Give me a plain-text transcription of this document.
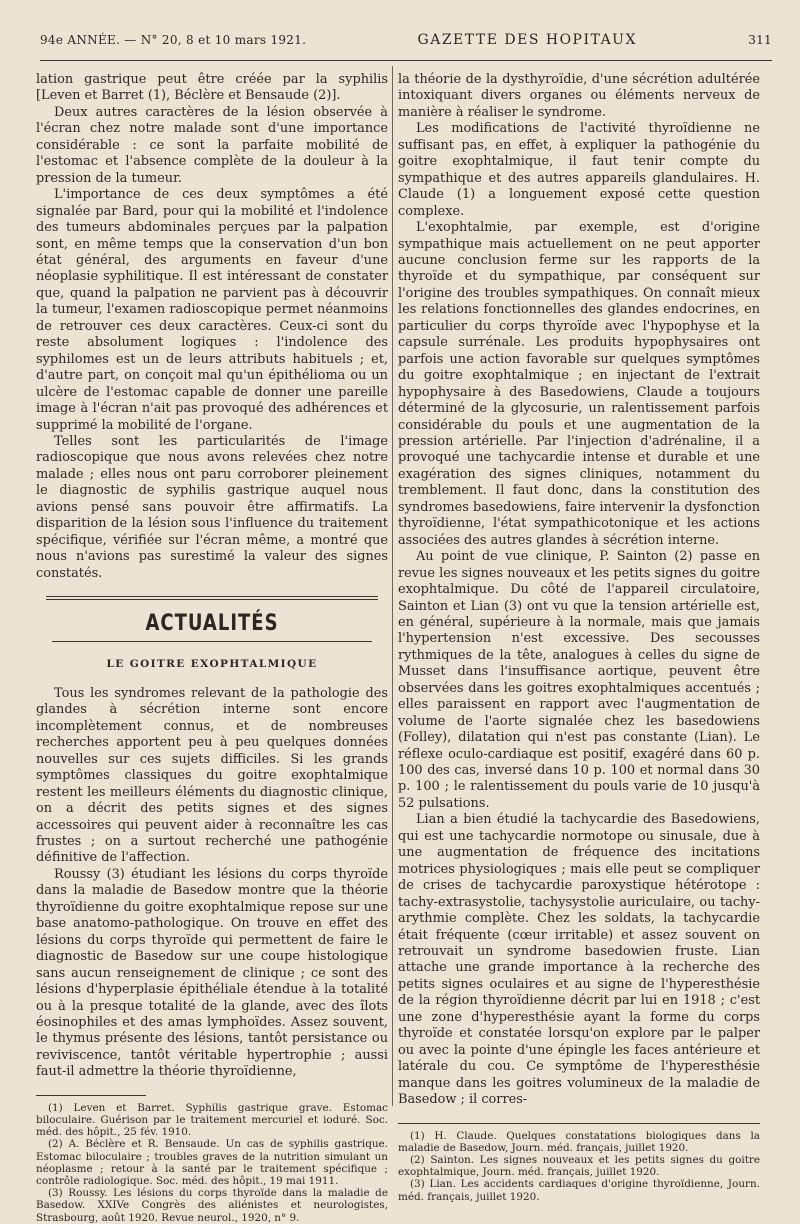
94e ANNÉE. — N° 20, 8 et 10 mars 1921.	GAZETTE DES HOPITAUX	311

lation gastrique peut être créée par la syphilis [Leven et Barret (1), Béclère et Bensaude (2)].

Deux autres caractères de la lésion observée à l'écran chez notre malade sont d'une importance considérable : ce sont la parfaite mobilité de l'estomac et l'absence complète de la douleur à la pression de la tumeur.

L'importance de ces deux symptômes a été signalée par Bard, pour qui la mobilité et l'indolence des tumeurs abdominales perçues par la palpation sont, en même temps que la conservation d'un bon état général, des arguments en faveur d'une néoplasie syphilitique. Il est intéressant de constater que, quand la palpation ne parvient pas à découvrir la tumeur, l'examen radioscopique permet néanmoins de retrouver ces deux caractères. Ceux-ci sont du reste absolument logiques : l'indolence des syphilomes est un de leurs attributs habituels ; et, d'autre part, on conçoit mal qu'un épithélioma ou un ulcère de l'estomac capable de donner une pareille image à l'écran n'ait pas provoqué des adhérences et supprimé la mobilité de l'organe.

Telles sont les particularités de l'image radioscopique que nous avons relevées chez notre malade ; elles nous ont paru corroborer pleinement le diagnostic de syphilis gastrique auquel nous avions pensé sans pouvoir être affirmatifs. La disparition de la lésion sous l'influence du traitement spécifique, vérifiée sur l'écran même, a montré que nous n'avions pas surestimé la valeur des signes constatés.

ACTUALITÉS
LE GOITRE EXOPHTALMIQUE

Tous les syndromes relevant de la pathologie des glandes à sécrétion interne sont encore incomplètement connus, et de nombreuses recherches apportent peu à peu quelques données nouvelles sur ces sujets difficiles. Si les grands symptômes classiques du goitre exophtalmique restent les meilleurs éléments du diagnostic clinique, on a décrit des petits signes et des signes accessoires qui peuvent aider à reconnaître les cas frustes ; on a surtout recherché une pathogénie définitive de l'affection.

Roussy (3) étudiant les lésions du corps thyroïde dans la maladie de Basedow montre que la théorie thyroïdienne du goitre exophtalmique repose sur une base anatomo-pathologique. On trouve en effet des lésions du corps thyroïde qui permettent de faire le diagnostic de Basedow sur une coupe histologique sans aucun renseignement de clinique ; ce sont des lésions d'hyperplasie épithéliale étendue à la totalité ou à la presque totalité de la glande, avec des îlots éosinophiles et des amas lymphoïdes. Assez souvent, le thymus présente des lésions, tantôt persistance ou reviviscence, tantôt véritable hypertrophie ; aussi faut-il admettre la théorie thyroïdienne,

(1) Leven et Barret. Syphilis gastrique grave. Estomac biloculaire. Guérison par le traitement mercuriel et ioduré. Soc. méd. des hôpit., 25 fév. 1910.

(2) A. Béclère et R. Bensaude. Un cas de syphilis gastrique. Estomac biloculaire ; troubles graves de la nutrition simulant un néoplasme ; retour à la santé par le traitement spécifique ; contrôle radiologique. Soc. méd. des hôpit., 19 mai 1911.

(3) Roussy. Les lésions du corps thyroïde dans la maladie de Basedow. XXIVe Congrès des aliénistes et neurologistes, Strasbourg, août 1920. Revue neurol., 1920, n° 9.

la théorie de la dysthyroïdie, d'une sécrétion adultérée intoxiquant divers organes ou éléments nerveux de manière à réaliser le syndrome.

Les modifications de l'activité thyroïdienne ne suffisant pas, en effet, à expliquer la pathogénie du goitre exophtalmique, il faut tenir compte du sympathique et des autres appareils glandulaires. H. Claude (1) a longuement exposé cette question complexe.

L'exophtalmie, par exemple, est d'origine sympathique mais actuellement on ne peut apporter aucune conclusion ferme sur les rapports de la thyroïde et du sympathique, par conséquent sur l'origine des troubles sympathiques. On connaît mieux les relations fonctionnelles des glandes endocrines, en particulier du corps thyroïde avec l'hypophyse et la capsule surrénale. Les produits hypophysaires ont parfois une action favorable sur quelques symptômes du goitre exophtalmique ; en injectant de l'extrait hypophysaire à des Basedowiens, Claude a toujours déterminé de la glycosurie, un ralentissement parfois considérable du pouls et une augmentation de la pression artérielle. Par l'injection d'adrénaline, il a provoqué une tachycardie intense et durable et une exagération des signes cliniques, notamment du tremblement. Il faut donc, dans la constitution des syndromes basedowiens, faire intervenir la dysfonction thyroïdienne, l'état sympathicotonique et les actions associées des autres glandes à sécrétion interne.

Au point de vue clinique, P. Sainton (2) passe en revue les signes nouveaux et les petits signes du goitre exophtalmique. Du côté de l'appareil circulatoire, Sainton et Lian (3) ont vu que la tension artérielle est, en général, supérieure à la normale, mais que jamais l'hypertension n'est excessive. Des secousses rythmiques de la tête, analogues à celles du signe de Musset dans l'insuffisance aortique, peuvent être observées dans les goitres exophtalmiques accentués ; elles paraissent en rapport avec l'augmentation de volume de l'aorte signalée chez les basedowiens (Folley), dilatation qui n'est pas constante (Lian). Le réflexe oculo-cardiaque est positif, exagéré dans 60 p. 100 des cas, inversé dans 10 p. 100 et normal dans 30 p. 100 ; le ralentissement du pouls varie de 10 jusqu'à 52 pulsations.

Lian a bien étudié la tachycardie des Basedowiens, qui est une tachycardie normotope ou sinusale, due à une augmentation de fréquence des incitations motrices physiologiques ; mais elle peut se compliquer de crises de tachycardie paroxystique hétérotope : tachy-extrasystolie, tachysystolie auriculaire, ou tachy-arythmie complète. Chez les soldats, la tachycardie était fréquente (cœur irritable) et assez souvent on retrouvait un syndrome basedowien fruste. Lian attache une grande importance à la recherche des petits signes oculaires et au signe de l'hyperesthésie de la région thyroïdienne décrit par lui en 1918 ; c'est une zone d'hyperesthésie ayant la forme du corps thyroïde et constatée lorsqu'on explore par le palper ou avec la pointe d'une épingle les faces antérieure et latérale du cou. Ce symptôme de l'hyperesthésie manque dans les goitres volumineux de la maladie de Basedow ; il corres-

(1) H. Claude. Quelques constatations biologiques dans la maladie de Basedow, Journ. méd. français, juillet 1920.

(2) Sainton. Les signes nouveaux et les petits signes du goitre exophtalmique, Journ. méd. français, juillet 1920.

(3) Lian. Les accidents cardiaques d'origine thyroïdienne, Journ. méd. français, juillet 1920.
